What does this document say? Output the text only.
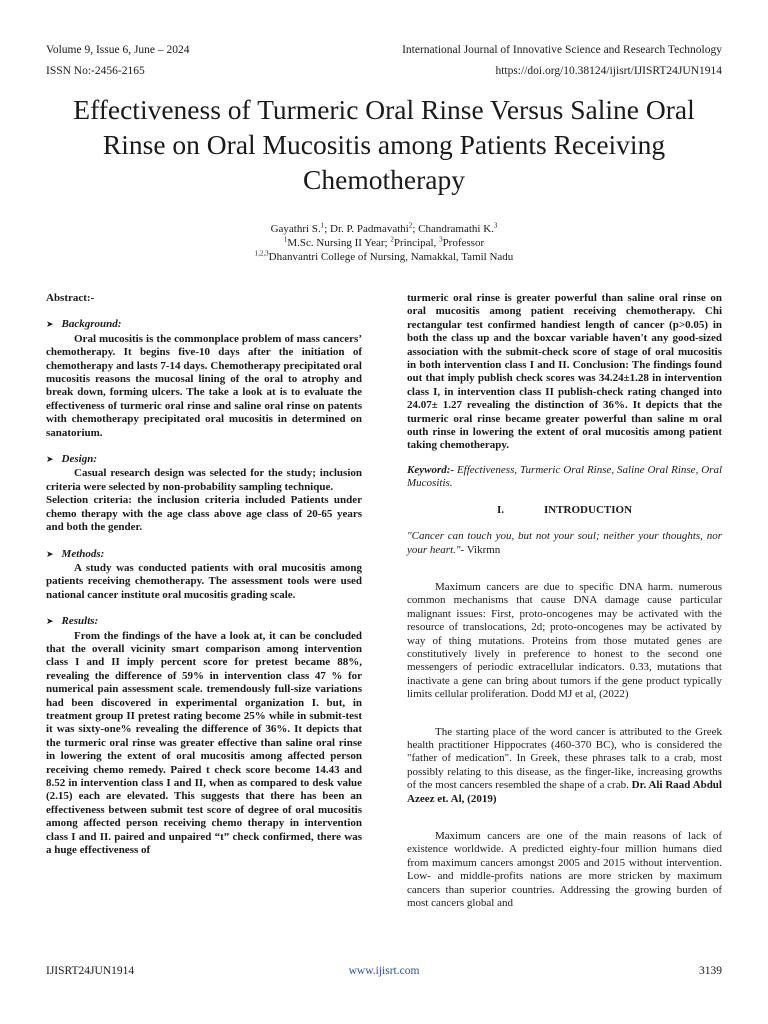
Volume 9, Issue 6, June – 2024
ISSN No:-2456-2165
International Journal of Innovative Science and Research Technology
https://doi.org/10.38124/ijisrt/IJISRT24JUN1914
Effectiveness of Turmeric Oral Rinse Versus Saline Oral Rinse on Oral Mucositis among Patients Receiving Chemotherapy
Gayathri S.$^1$; Dr. P. Padmavathi$^2$; Chandramathi K.$^3$
$^1$M.Sc. Nursing II Year; $^2$Principal, $^3$Professor
$^{1,2,3}$Dhanvantri College of Nursing, Namakkal, Tamil Nadu

Abstract:-

➤ Background:

Oral mucositis is the commonplace problem of mass cancers’ chemotherapy. It begins five-10 days after the initiation of chemotherapy and lasts 7-14 days. Chemotherapy precipitated oral mucositis reasons the mucosal lining of the oral to atrophy and break down, forming ulcers. The take a look at is to evaluate the effectiveness of turmeric oral rinse and saline oral rinse on patents with chemotherapy precipitated oral mucositis in determined on sanatorium.

➤ Design:

Casual research design was selected for the study; inclusion criteria were selected by non-probability sampling technique.

Selection criteria: the inclusion criteria included Patients under chemo therapy with the age class above age class of 20-65 years and both the gender.

➤ Methods:

A study was conducted patients with oral mucositis among patients receiving chemotherapy. The assessment tools were used national cancer institute oral mucositis grading scale.

➤ Results:

From the findings of the have a look at, it can be concluded that the overall vicinity smart comparison among intervention class I and II imply percent score for pretest became 88%, revealing the difference of 59% in intervention class 47 % for numerical pain assessment scale. tremendously full-size variations had been discovered in experimental organization I. but, in treatment group II pretest rating become 25% while in submit-test it was sixty-one% revealing the difference of 36%. It depicts that the turmeric oral rinse was greater effective than saline oral rinse in lowering the extent of oral mucositis among affected person receiving chemo remedy. Paired t check score become 14.43 and 8.52 in intervention class I and II, when as compared to desk value (2.15) each are elevated. This suggests that there has been an effectiveness between submit test score of degree of oral mucositis among affected person receiving chemo therapy in intervention class I and II. paired and unpaired “t” check confirmed, there was a huge effectiveness of

turmeric oral rinse is greater powerful than saline oral rinse on oral mucositis among patient receiving chemotherapy. Chi rectangular test confirmed handiest length of cancer (p>0.05) in both the class up and the boxcar variable haven't any good-sized association with the submit-check score of stage of oral mucositis in both intervention class I and II. Conclusion: The findings found out that imply publish check scores was 34.24±1.28 in intervention class I, in intervention class II publish-check rating changed into 24.07± 1.27 revealing the distinction of 36%. It depicts that the turmeric oral rinse became greater powerful than saline m oral outh rinse in lowering the extent of oral mucositis among patient taking chemotherapy.

Keyword:- Effectiveness, Turmeric Oral Rinse, Saline Oral Rinse, Oral Mucositis.

I.	INTRODUCTION

"Cancer can touch you, but not your soul; neither your thoughts, nor your heart."- Vikrmn

Maximum cancers are due to specific DNA harm. numerous common mechanisms that cause DNA damage cause particular malignant issues: First, proto-oncogenes may be activated with the resource of translocations, 2d; proto-oncogenes may be activated by way of thing mutations. Proteins from those mutated genes are constitutively lively in preference to honest to the second one messengers of periodic extracellular indicators. 0.33, mutations that inactivate a gene can bring about tumors if the gene product typically limits cellular proliferation. Dodd MJ et al, (2022)

The starting place of the word cancer is attributed to the Greek health practitioner Hippocrates (460-370 BC), who is considered the "father of medication". In Greek, these phrases talk to a crab, most possibly relating to this disease, as the finger-like, increasing growths of the most cancers resembled the shape of a crab. Dr. Ali Raad Abdul Azeez et. Al, (2019)

Maximum cancers are one of the main reasons of lack of existence worldwide. A predicted eighty-four million humans died from maximum cancers amongst 2005 and 2015 without intervention. Low- and middle-profits nations are more stricken by maximum cancers than superior countries. Addressing the growing burden of most cancers global and

IJISRT24JUN1914	www.ijisrt.com	3139
